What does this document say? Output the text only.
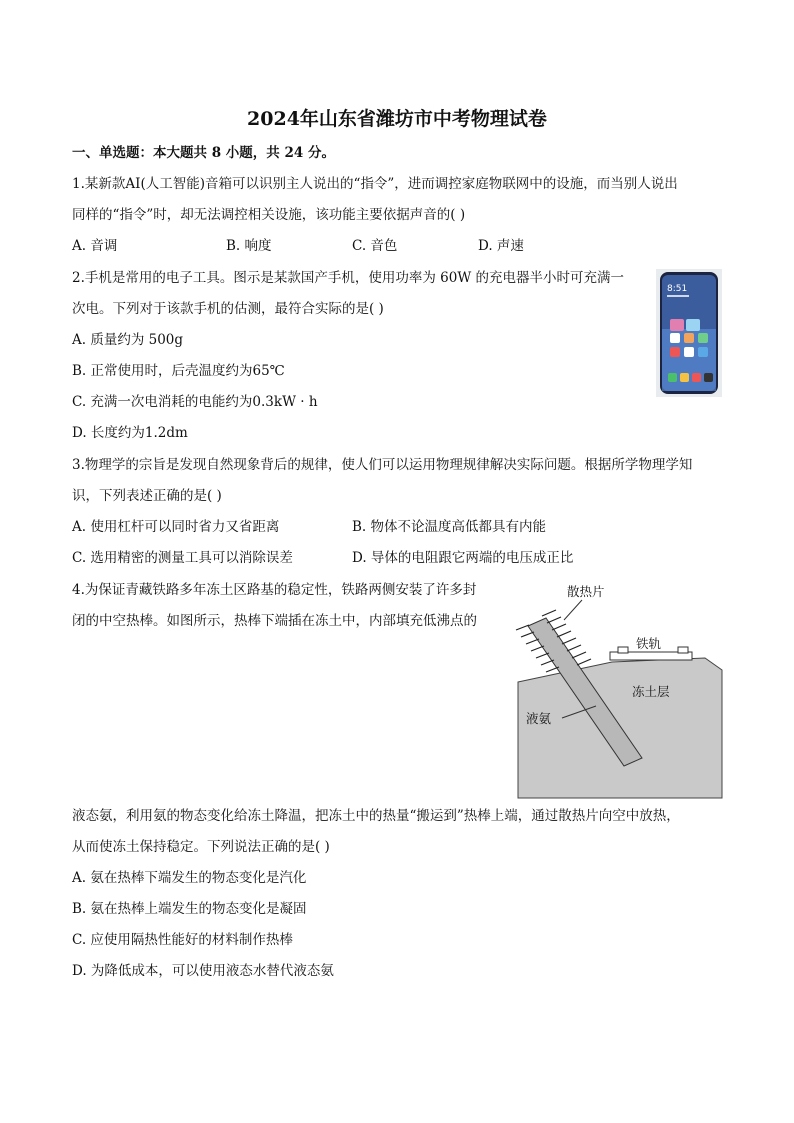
2024年山东省潍坊市中考物理试卷
一、单选题：本大题共 8 小题，共 24 分。
1.某新款AI(人工智能)音箱可以识别主人说出的“指令”，进而调控家庭物联网中的设施，而当别人说出
同样的“指令”时，却无法调控相关设施，该功能主要依据声音的( )
A. 音调	B. 响度	C. 音色	D. 声速
2.手机是常用的电子工具。图示是某款国产手机，使用功率为 60W 的充电器半小时可充满一
次电。下列对于该款手机的估测，最符合实际的是( )
A. 质量约为 500g
B. 正常使用时，后壳温度约为65℃
C. 充满一次电消耗的电能约为0.3kW · h
D. 长度约为1.2dm
8:51
3.物理学的宗旨是发现自然现象背后的规律，使人们可以运用物理规律解决实际问题。根据所学物理学知
识，下列表述正确的是( )
A. 使用杠杆可以同时省力又省距离	B. 物体不论温度高低都具有内能
C. 选用精密的测量工具可以消除误差	D. 导体的电阻跟它两端的电压成正比
4.为保证青藏铁路多年冻土区路基的稳定性，铁路两侧安装了许多封
闭的中空热棒。如图所示，热棒下端插在冻土中，内部填充低沸点的
散热片
铁轨
冻土层
液氨
液态氨，利用氨的物态变化给冻土降温，把冻土中的热量“搬运到”热棒上端，通过散热片向空中放热，
从而使冻土保持稳定。下列说法正确的是( )
A. 氨在热棒下端发生的物态变化是汽化
B. 氨在热棒上端发生的物态变化是凝固
C. 应使用隔热性能好的材料制作热棒
D. 为降低成本，可以使用液态水替代液态氨
